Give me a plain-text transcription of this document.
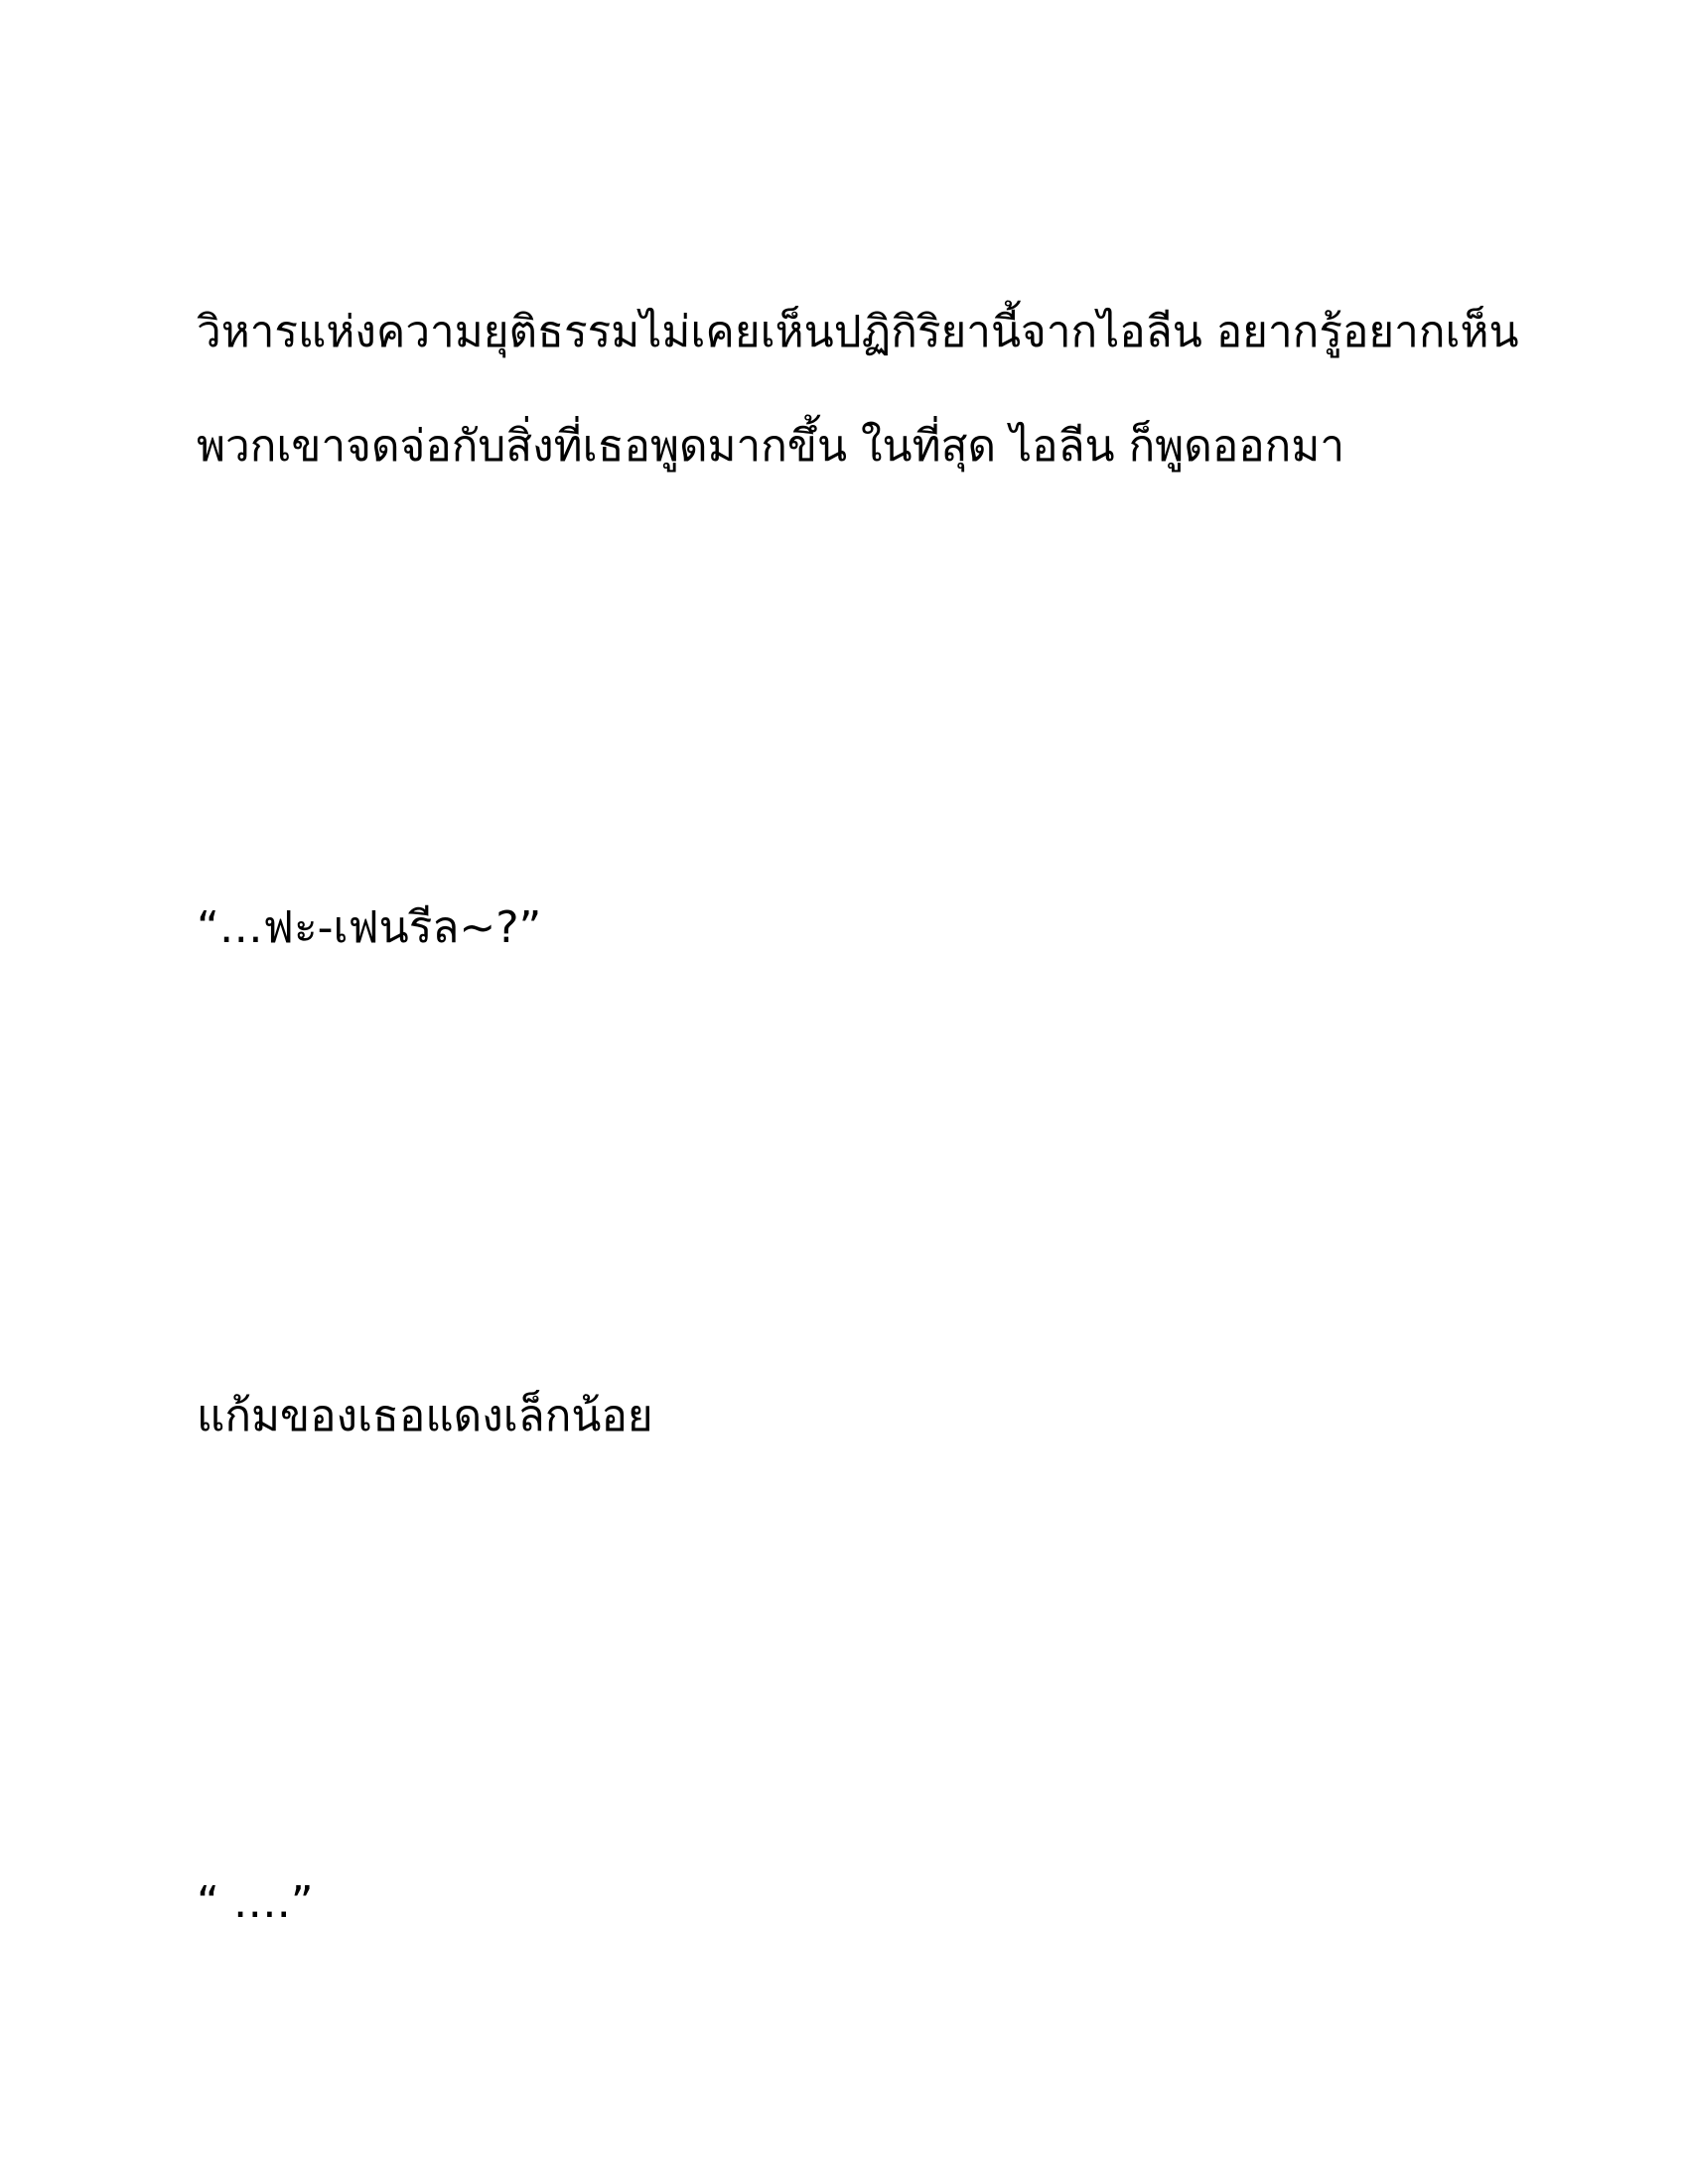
วิหารแห่งความยุติธรรมไม่เคยเห็นปฏิกิริยานี้จากไอลีน อยากรู้อยากเห็น

พวกเขาจดจ่อกับสิ่งที่เธอพูดมากขึ้น ในที่สุด ไอลีน ก็พูดออกมา

“…ฟะ-เฟนรีล~?”

แก้มของเธอแดงเล็กน้อย

“ ….”
